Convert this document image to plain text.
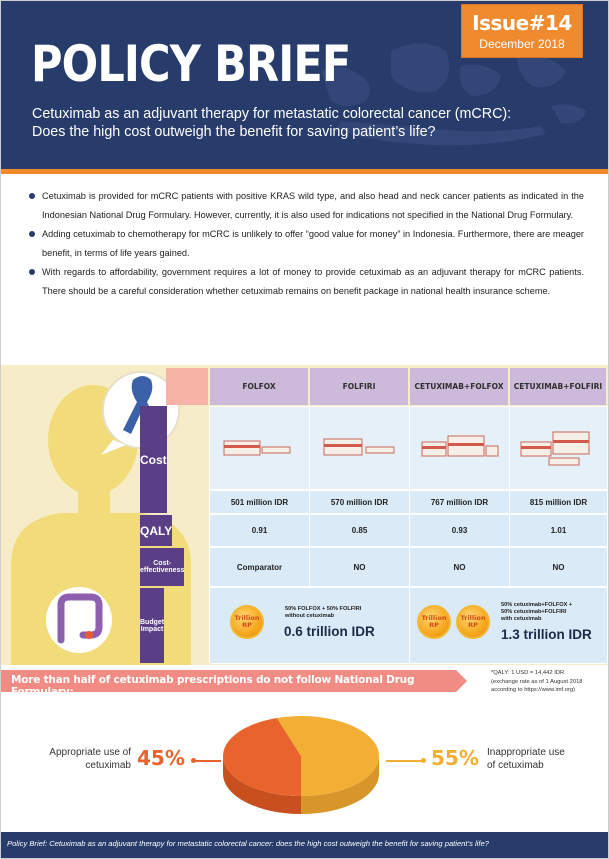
POLICY BRIEF
Cetuximab as an adjuvant therapy for metastatic colorectal cancer (mCRC):
Does the high cost outweigh the benefit for saving patient’s life?
Issue#14
December 2018
Cetuximab is provided for mCRC patients with positive KRAS wild type, and also head and neck cancer patients as indicated in the Indonesian National Drug Formulary. However, currently, it is also used for indications not specified in the National Drug Formulary.
Adding cetuximab to chemotherapy for mCRC is unlikely to offer “good value for money” in Indonesia. Furthermore, there are meager benefit, in terms of life years gained.
With regards to affordability, government requires a lot of money to provide cetuximab as an adjuvant therapy for mCRC patients. There should be a careful consideration whether cetuximab remains on benefit package in national health insurance scheme.
FOLFOX	FOLFIRI	CETUXIMAB+FOLFOX	CETUXIMAB+FOLFIRI
Cost
QALY
Cost-
effectiveness
Budget
Impact
501 million IDR	570 million IDR	767 million IDR	815 million IDR
0.91	0.85	0.93	1.01
Comparator	NO	NO	NO
Trillion
RP
50% FOLFOX + 50% FOLFIRI
without cetuximab
0.6 trillion IDR
Trillion
RP
Trillion
RP
50% cetuximab+FOLFOX +
50% cetuximab+FOLFIRI
with cetuximab
1.3 trillion IDR
More than half of cetuximab prescriptions do not follow National Drug Formulary:
*QALY: 1 USD = 14,442 IDR
(exchange rate as of 1 August 2018
according to https://www.imf.org)
Appropriate use of
cetuximab 45%	55% Inappropriate use
of cetuximab
Policy Brief: Cetuximab as an adjuvant therapy for metastatic colorectal cancer: does the high cost outweigh the benefit for saving patient’s life?
